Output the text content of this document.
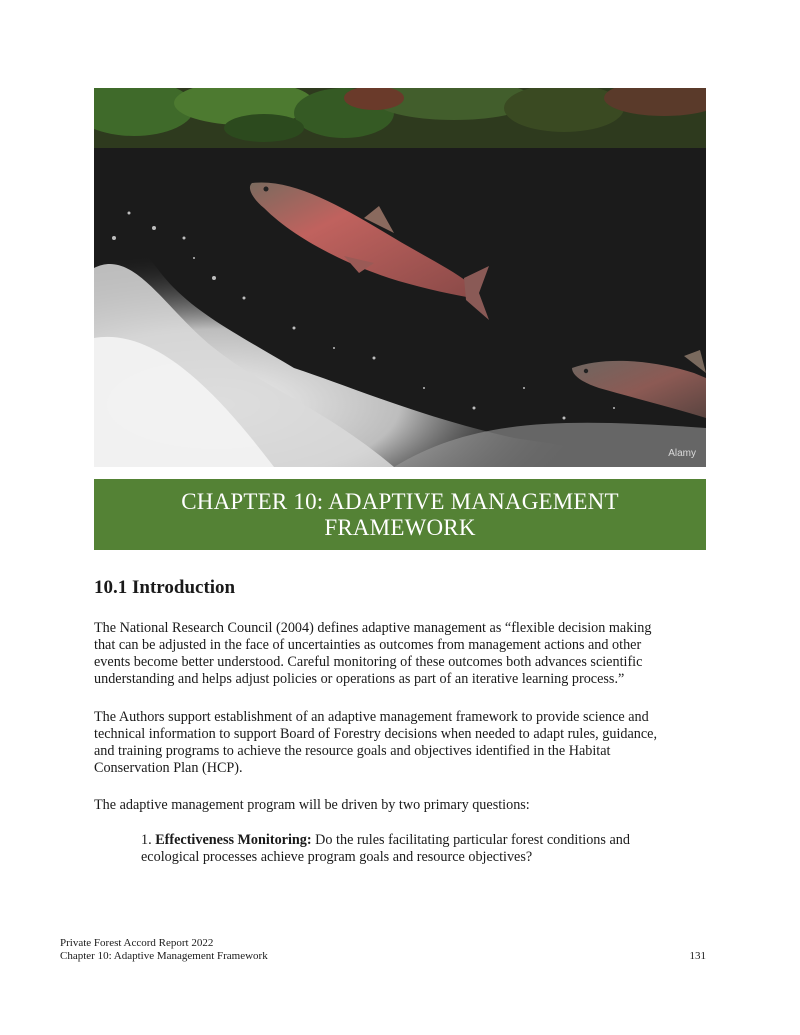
Alamy
CHAPTER 10: ADAPTIVE MANAGEMENT
FRAMEWORK
10.1 Introduction

The National Research Council (2004) defines adaptive management as “flexible decision making
that can be adjusted in the face of uncertainties as outcomes from management actions and other
events become better understood. Careful monitoring of these outcomes both advances scientific
understanding and helps adjust policies or operations as part of an iterative learning process.”

The Authors support establishment of an adaptive management framework to provide science and
technical information to support Board of Forestry decisions when needed to adapt rules, guidance,
and training programs to achieve the resource goals and objectives identified in the Habitat
Conservation Plan (HCP).

The adaptive management program will be driven by two primary questions:

1. Effectiveness Monitoring: Do the rules facilitating particular forest conditions and
ecological processes achieve program goals and resource objectives?

Private Forest Accord Report 2022
Chapter 10: Adaptive Management Framework	131
